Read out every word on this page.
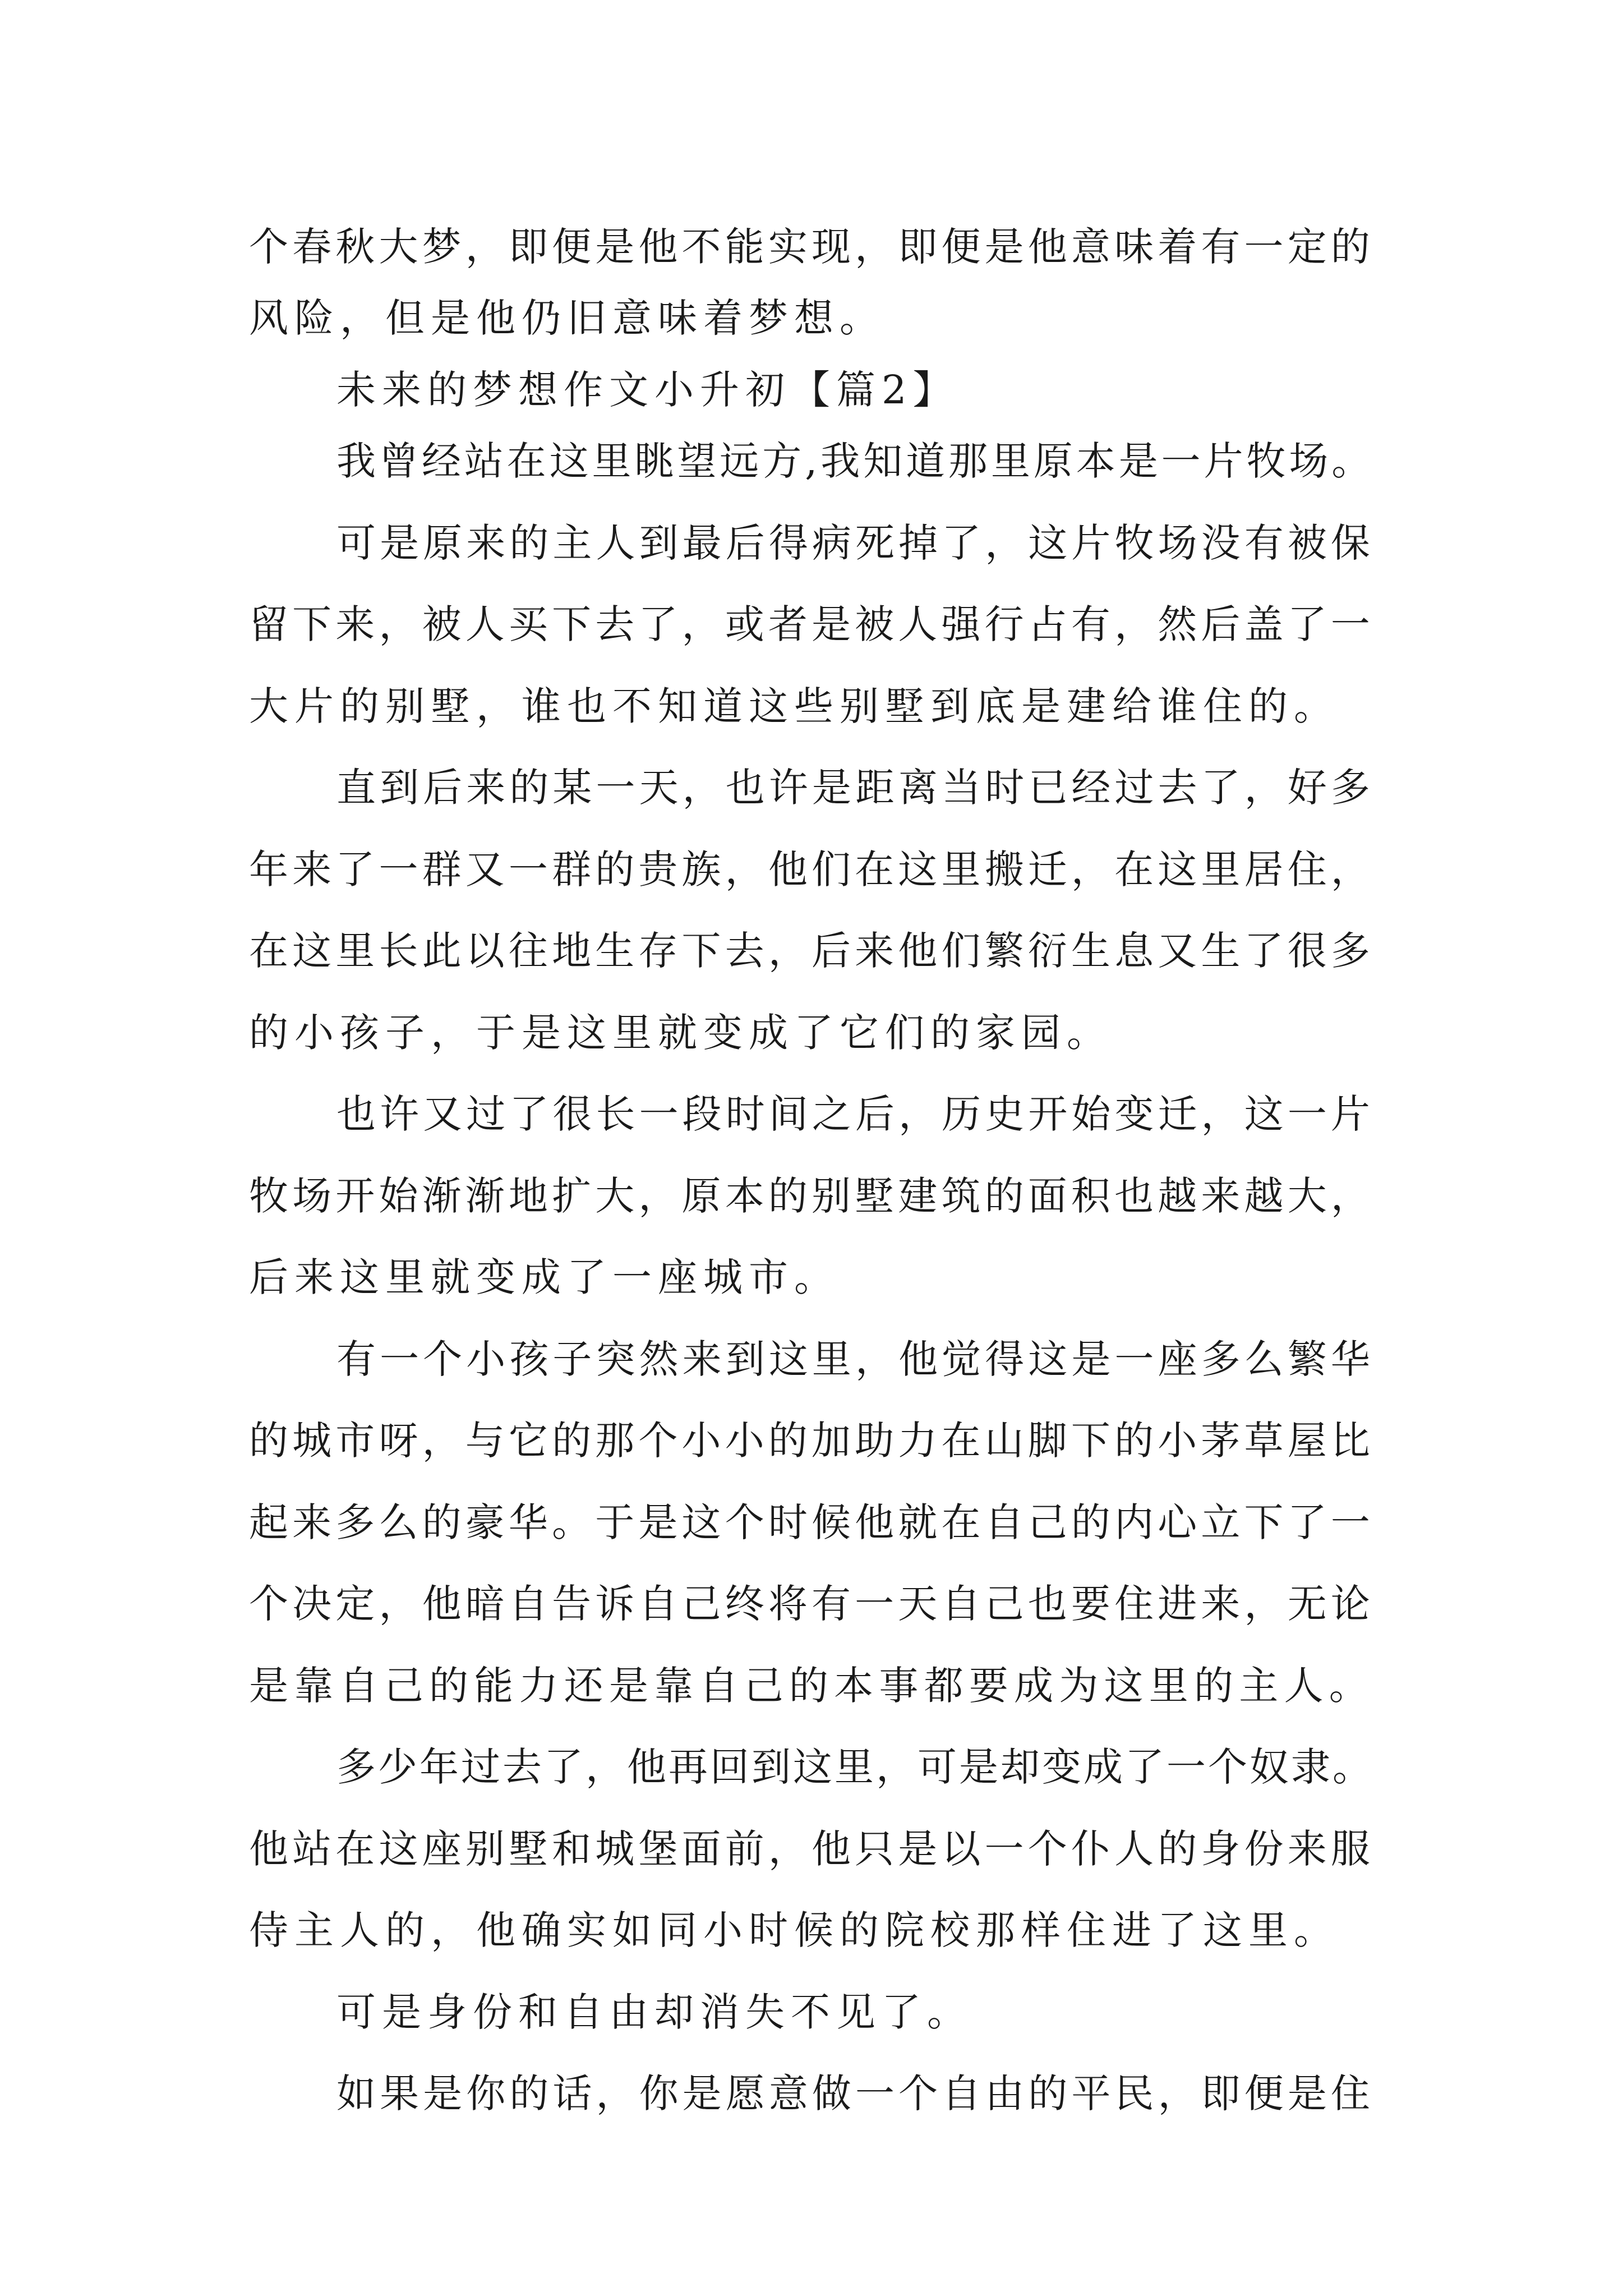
个春秋大梦，即便是他不能实现，即便是他意味着有一定的
风险，但是他仍旧意味着梦想。
未来的梦想作文小升初【篇2】
我曾经站在这里眺望远方,我知道那里原本是一片牧场。
可是原来的主人到最后得病死掉了，这片牧场没有被保
留下来，被人买下去了，或者是被人强行占有，然后盖了一
大片的别墅，谁也不知道这些别墅到底是建给谁住的。
直到后来的某一天，也许是距离当时已经过去了，好多
年来了一群又一群的贵族，他们在这里搬迁，在这里居住，
在这里长此以往地生存下去，后来他们繁衍生息又生了很多
的小孩子，于是这里就变成了它们的家园。
也许又过了很长一段时间之后，历史开始变迁，这一片
牧场开始渐渐地扩大，原本的别墅建筑的面积也越来越大，
后来这里就变成了一座城市。
有一个小孩子突然来到这里，他觉得这是一座多么繁华
的城市呀，与它的那个小小的加助力在山脚下的小茅草屋比
起来多么的豪华。于是这个时候他就在自己的内心立下了一
个决定，他暗自告诉自己终将有一天自己也要住进来，无论
是靠自己的能力还是靠自己的本事都要成为这里的主人。
多少年过去了，他再回到这里，可是却变成了一个奴隶。
他站在这座别墅和城堡面前，他只是以一个仆人的身份来服
侍主人的，他确实如同小时候的院校那样住进了这里。
可是身份和自由却消失不见了。
如果是你的话，你是愿意做一个自由的平民，即便是住
